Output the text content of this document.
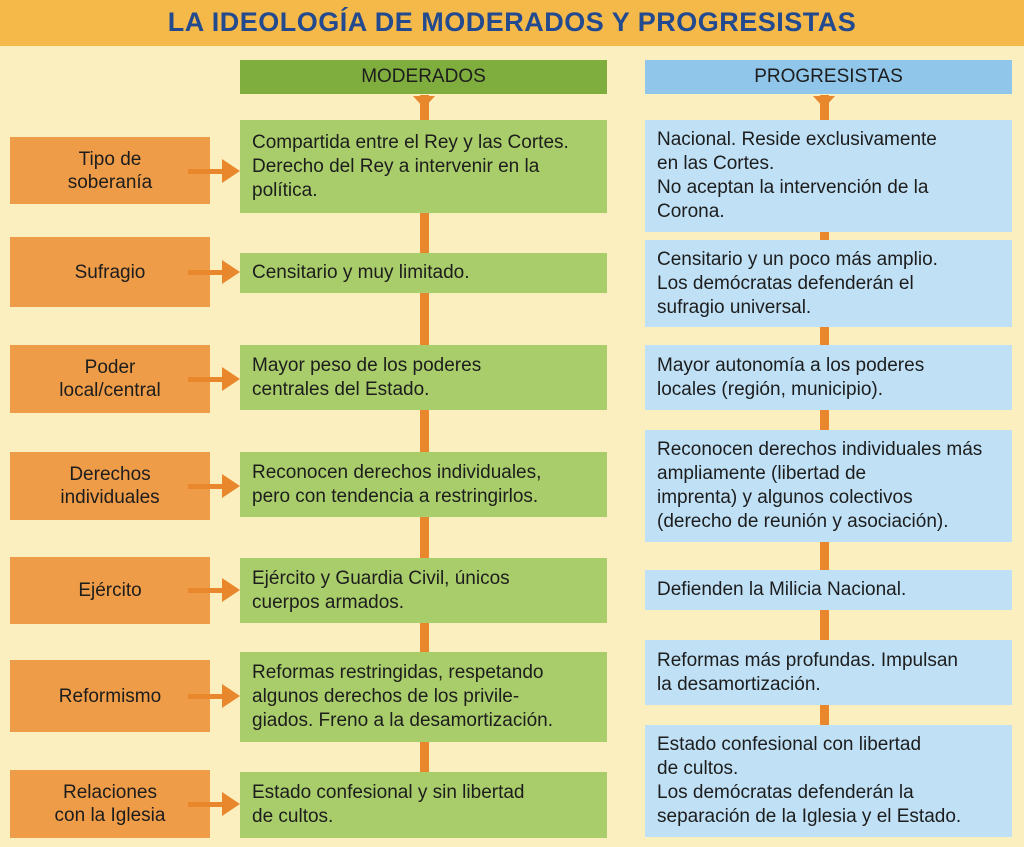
LA IDEOLOGÍA DE MODERADOS Y PROGRESISTAS
MODERADOS	PROGRESISTAS
Tipo de
soberanía
Compartida entre el Rey y las Cortes.
Derecho del Rey a intervenir en la
política.
Nacional. Reside exclusivamente
en las Cortes.
No aceptan la intervención de la
Corona.
Sufragio	Censitario y muy limitado.
Censitario y un poco más amplio.
Los demócratas defenderán el
sufragio universal.
Poder
local/central
Mayor peso de los poderes
centrales del Estado.
Mayor autonomía a los poderes
locales (región, municipio).
Derechos
individuales
Reconocen derechos individuales,
pero con tendencia a restringirlos.
Reconocen derechos individuales más
ampliamente (libertad de
imprenta) y algunos colectivos
(derecho de reunión y asociación).
Ejército
Ejército y Guardia Civil, únicos
cuerpos armados.
Defienden la Milicia Nacional.
Reformismo
Reformas restringidas, respetando
algunos derechos de los privile-
giados. Freno a la desamortización.
Reformas más profundas. Impulsan
la desamortización.
Relaciones
con la Iglesia
Estado confesional y sin libertad
de cultos.
Estado confesional con libertad
de cultos.
Los demócratas defenderán la
separación de la Iglesia y el Estado.
